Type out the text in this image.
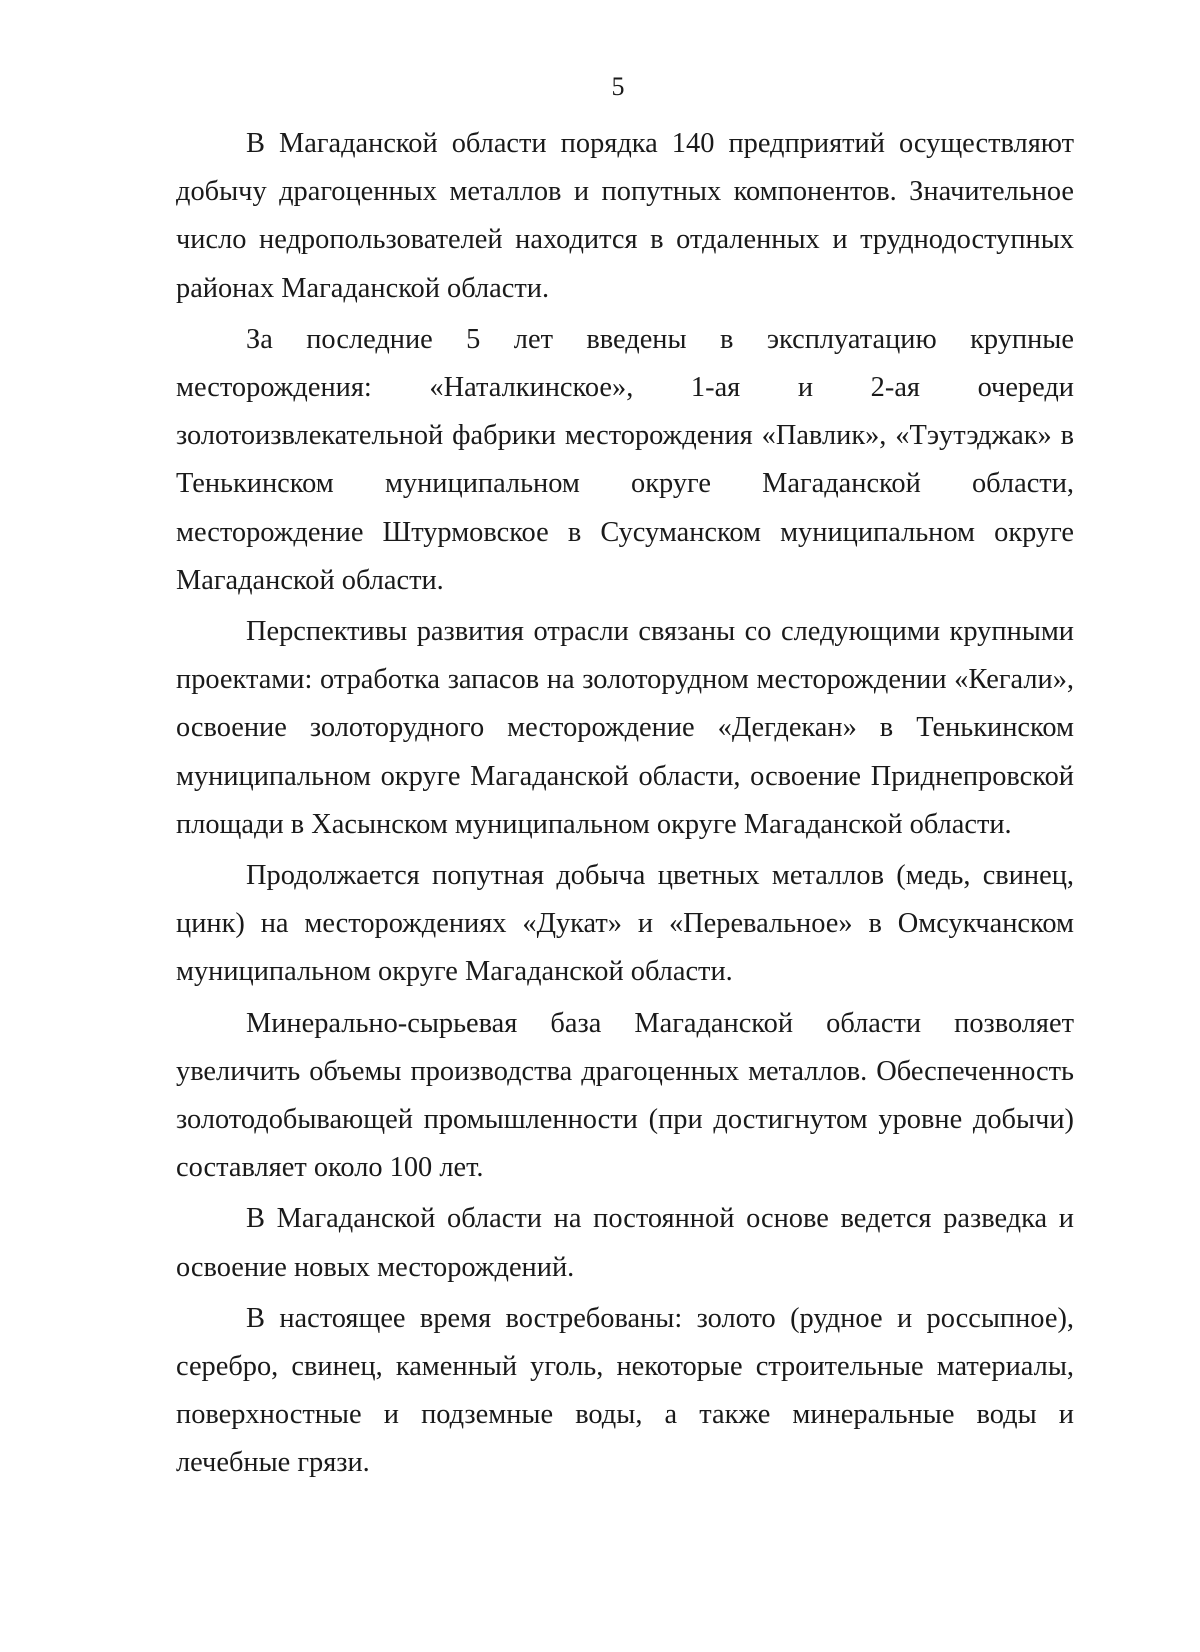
5

В Магаданской области порядка 140 предприятий осуществляют добычу драгоценных металлов и попутных компонентов. Значительное число недропользователей находится в отдаленных и труднодоступных районах Магаданской области.

За последние 5 лет введены в эксплуатацию крупные месторождения: «Наталкинское», 1-ая и 2-ая очереди золотоизвлекательной фабрики месторождения «Павлик», «Тэутэджак» в Тенькинском муниципальном округе Магаданской области, месторождение Штурмовское в Сусуманском муниципальном округе Магаданской области.

Перспективы развития отрасли связаны со следующими крупными проектами: отработка запасов на золоторудном месторождении «Кегали», освоение золоторудного месторождение «Дегдекан» в Тенькинском муниципальном округе Магаданской области, освоение Приднепровской площади в Хасынском муниципальном округе Магаданской области.

Продолжается попутная добыча цветных металлов (медь, свинец, цинк) на месторождениях «Дукат» и «Перевальное» в Омсукчанском муниципальном округе Магаданской области.

Минерально-сырьевая база Магаданской области позволяет увеличить объемы производства драгоценных металлов. Обеспеченность золотодобывающей промышленности (при достигнутом уровне добычи) составляет около 100 лет.

В Магаданской области на постоянной основе ведется разведка и освоение новых месторождений.

В настоящее время востребованы: золото (рудное и россыпное), серебро, свинец, каменный уголь, некоторые строительные материалы, поверхностные и подземные воды, а также минеральные воды и лечебные грязи.
